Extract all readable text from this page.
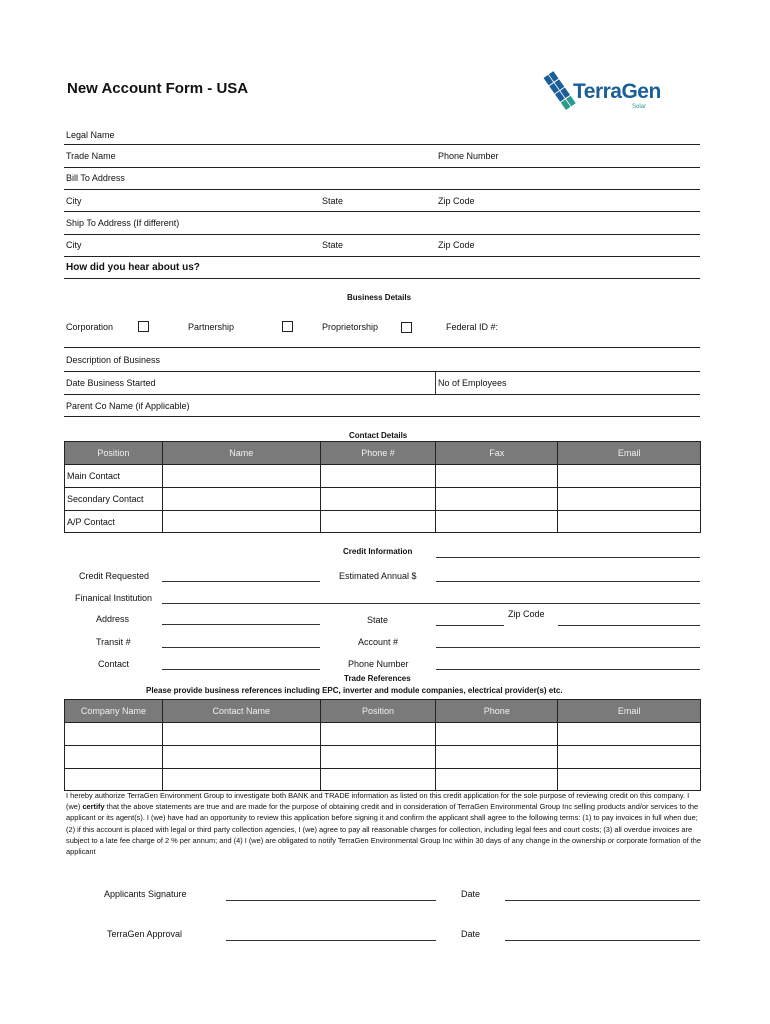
New Account Form - USA	TerraGen
Solar
Legal Name
Trade Name	Phone Number
Bill To Address
City	State	Zip Code
Ship To Address (If different)
City	State	Zip Code
How did you hear about us?
Business Details
Corporation	Partnership	Proprietorship	Federal ID #:
Description of Business
Date Business Started	No of Employees
Parent Co Name (if Applicable)
Contact Details
Position	Name	Phone #	Fax	Email
Main Contact				
Secondary Contact				
A/P Contact				
Credit Information
Credit Requested	Estimated Annual $
Finanical Institution
Address	State
Zip Code
Transit #	Account #
Contact	Phone Number
Trade References
Please provide business references including EPC, inverter and module companies, electrical provider(s) etc.
Company Name	Contact Name	Position	Phone	Email

I hereby authorize TerraGen Environment Group to investigate both BANK and TRADE information as listed on this credit application for the sole purpose of reviewing credit on this company. I (we) certify that the above statements are true and are made for the purpose of obtaining credit and in consideration of TerraGen Environmental Group Inc selling products and/or services to the applicant or its agent(s). I (we) have had an opportunity to review this application before signing it and confirm the applicant shall agree to the following terms: (1) to pay invoices in full when due; (2) if this account is placed with legal or third party collection agencies, I (we) agree to pay all reasonable charges for collection, including legal fees and court costs; (3) all overdue invoices are subject to a late fee charge of 2 % per annum; and (4) I (we) are obligated to notify TerraGen Environmental Group Inc within 30 days of any change in the ownership or corporate formation of the applicant
Applicants Signature	Date
TerraGen Approval	Date
